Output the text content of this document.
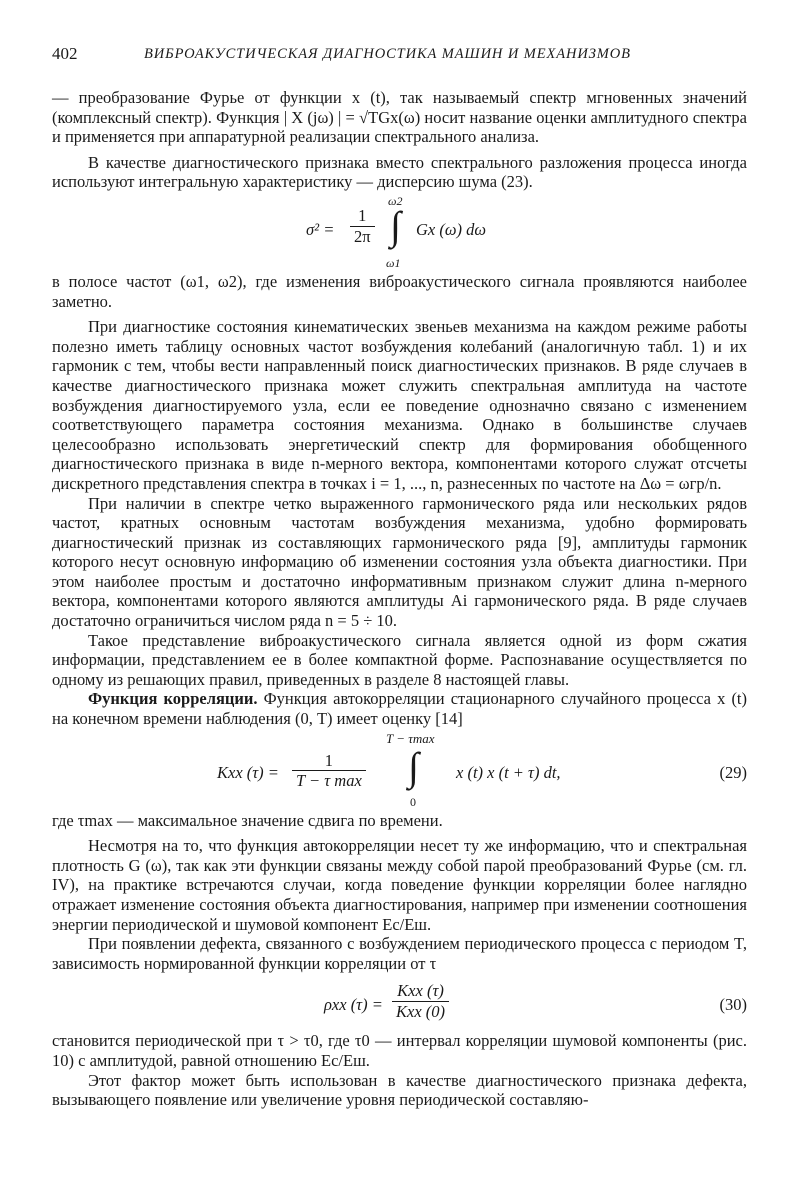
402	ВИБРОАКУСТИЧЕСКАЯ ДИАГНОСТИКА МАШИН И МЕХАНИЗМОВ

— преобразование Фурье от функции x (t), так называемый спектр мгновенных значений (комплексный спектр). Функция | X (jω) | = √TGx(ω) носит название оценки амплитудного спектра и применяется при аппаратурной реализации спектрального анализа.

В качестве диагностического признака вместо спектрального разложения процесса иногда используют интегральную характеристику — дисперсию шума (23).

$\sigma^2 = \frac{1}{2\pi}$
ω2
∫
ω1
Gx (ω) dω

в полосе частот (ω1, ω2), где изменения виброакустического сигнала проявляются наиболее заметно.

При диагностике состояния кинематических звеньев механизма на каждом режиме работы полезно иметь таблицу основных частот возбуждения колебаний (аналогичную табл. 1) и их гармоник с тем, чтобы вести направленный поиск диагностических признаков. В ряде случаев в качестве диагностического признака может служить спектральная амплитуда на частоте возбуждения диагностируемого узла, если ее поведение однозначно связано с изменением соответствующего параметра состояния механизма. Однако в большинстве случаев целесообразно использовать энергетический спектр для формирования обобщенного диагностического признака в виде n-мерного вектора, компонентами которого служат отсчеты дискретного представления спектра в точках i = 1, ..., n, разнесенных по частоте на Δω = ωгр/n.

При наличии в спектре четко выраженного гармонического ряда или нескольких рядов частот, кратных основным частотам возбуждения механизма, удобно формировать диагностический признак из составляющих гармонического ряда [9], амплитуды гармоник которого несут основную информацию об изменении состояния узла объекта диагностики. При этом наиболее простым и достаточно информативным признаком служит длина n-мерного вектора, компонентами которого являются амплитуды Ai гармонического ряда. В ряде случаев достаточно ограничиться числом ряда n = 5 ÷ 10.

Такое представление виброакустического сигнала является одной из форм сжатия информации, представлением ее в более компактной форме. Распознавание осуществляется по одному из решающих правил, приведенных в разделе 8 настоящей главы.

Функция корреляции. Функция автокорреляции стационарного случайного процесса x (t) на конечном времени наблюдения (0, T) имеет оценку [14]

Kxx (τ) =
1
T − τ max
T − τmax
∫
0
x (t) x (t + τ) dt,	(29)

где τmax — максимальное значение сдвига по времени.

Несмотря на то, что функция автокорреляции несет ту же информацию, что и спектральная плотность G (ω), так как эти функции связаны между собой парой преобразований Фурье (см. гл. IV), на практике встречаются случаи, когда поведение функции корреляции более наглядно отражает изменение состояния объекта диагностирования, например при изменении соотношения энергии периодической и шумовой компонент Ec/Eш.

При появлении дефекта, связанного с возбуждением периодического процесса с периодом T, зависимость нормированной функции корреляции от τ

ρxx (τ) =
Kxx (τ)
Kxx (0)	(30)

становится периодической при τ > τ0, где τ0 — интервал корреляции шумовой компоненты (рис. 10) с амплитудой, равной отношению Ec/Eш.

Этот фактор может быть использован в качестве диагностического признака дефекта, вызывающего появление или увеличение уровня периодической составляю-
